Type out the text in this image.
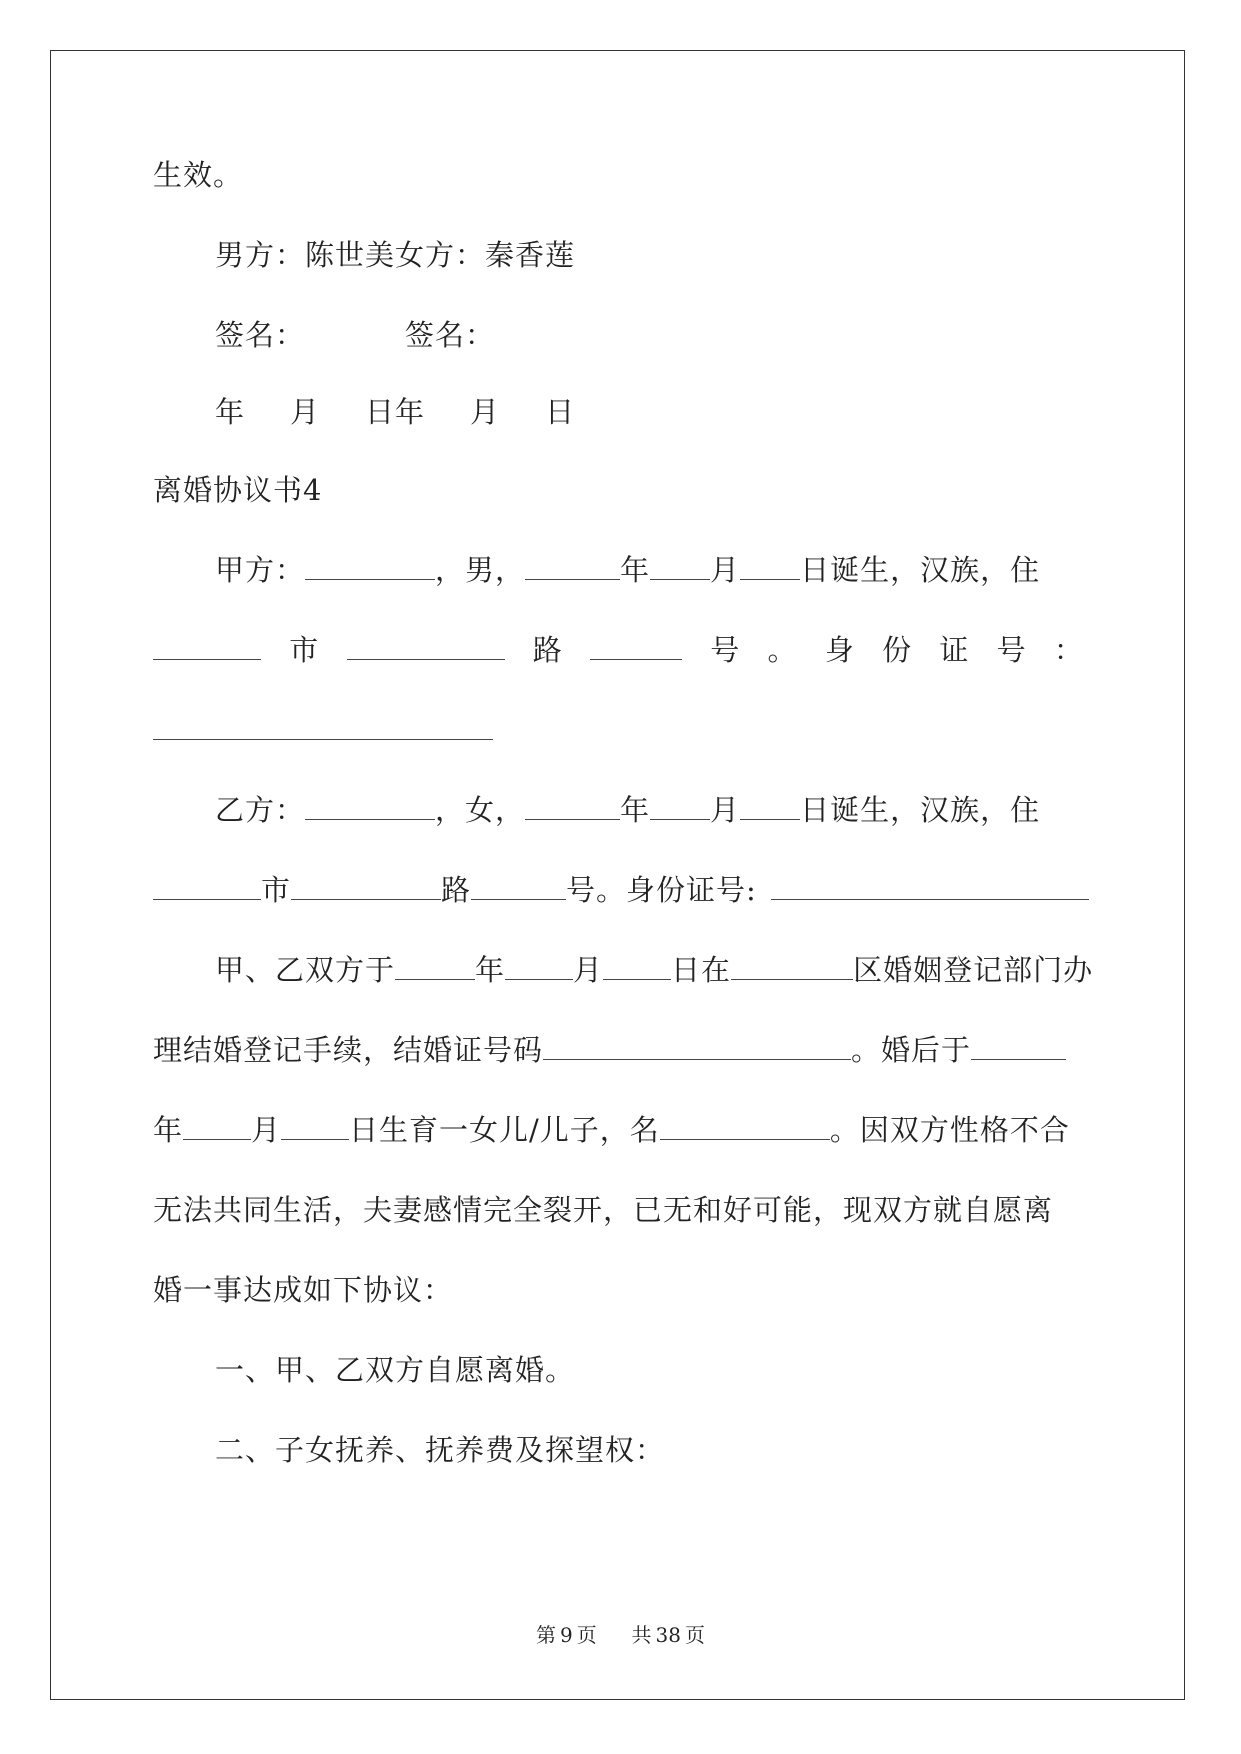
生效。
男方：陈世美女方：秦香莲
签名：	签名：
年 月 日年 月 日
离婚协议书4
甲方：	，男，	年 月 日诞生，汉族，住
市	路	号 。 身 份 证 号 ：
乙方：	，女，	年 月 日诞生，汉族，住
市	路	号。身份证号:
甲、乙双方于	年 月 日在	区婚姻登记部门办
理结婚登记手续，结婚证号码	。婚后于
年 月 日生育一女儿/儿子，名	。因双方性格不合
无法共同生活，夫妻感情完全裂开，已无和好可能，现双方就自愿离
婚一事达成如下协议：
一、甲、乙双方自愿离婚。
二、子女抚养、抚养费及探望权：
第 9 页 共 38 页
